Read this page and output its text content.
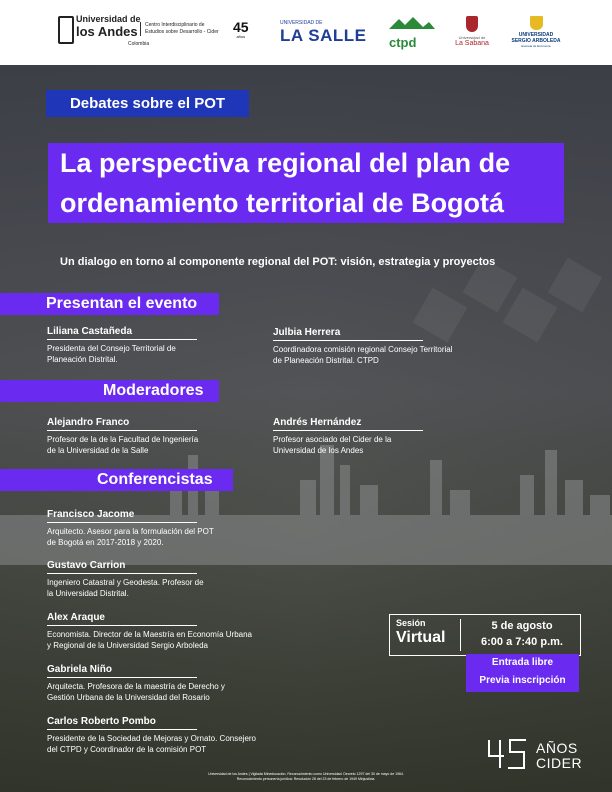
Universidad de
los Andes
Colombia
Centro Interdisciplinario de
Estudios sobre Desarrollo - Cider	45
años
UNIVERSIDAD DE
LA SALLE ctpd	Universidad de
La Sabana
UNIVERSIDAD
SERGIO ARBOLEDA
Escuela de Economía
Debates sobre el POT
La perspectiva regional del plan de
ordenamiento territorial de Bogotá
Un dialogo en torno al componente regional del POT: visión, estrategia y proyectos
Presentan el evento
Liliana Castañeda
Presidenta del Consejo Territorial de
Planeación Distrital.
Julbia Herrera
Coordinadora comisión regional Consejo Territorial
de Planeación Distrital. CTPD
Moderadores
Alejandro Franco
Profesor de la de la Facultad de Ingeniería
de la Universidad de la Salle
Andrés Hernández
Profesor asociado del Cider de la
Universidad de los Andes
Conferencistas
Francisco Jacome
Arquitecto. Asesor para la formulación del POT
de Bogotá en 2017-2018 y 2020.
Gustavo Carrion
Ingeniero Catastral y Geodesta. Profesor de
la Universidad Distrital.
Alex Araque
Economista. Director de la Maestría en Economía Urbana
y Regional de la Universidad Sergio Arboleda
Gabriela Niño
Arquitecta. Profesora de la maestría de Derecho y
Gestión Urbana de la Universidad del Rosario
Carlos Roberto Pombo
Presidente de la Sociedad de Mejoras y Ornato. Consejero
del CTPD y Coordinador de la comisión POT
Sesión
Virtual
5 de agosto
6:00 a 7:40 p.m.
Entrada libre
Previa inscripción
AÑOS
CIDER
Universidad de los Andes | Vigilada Mineducación. Reconocimiento como Universidad: Decreto 1297 del 30 de mayo de 1964.
Reconocimiento personería jurídica: Resolución 28 del 23 de febrero de 1949 Minjusticia.
